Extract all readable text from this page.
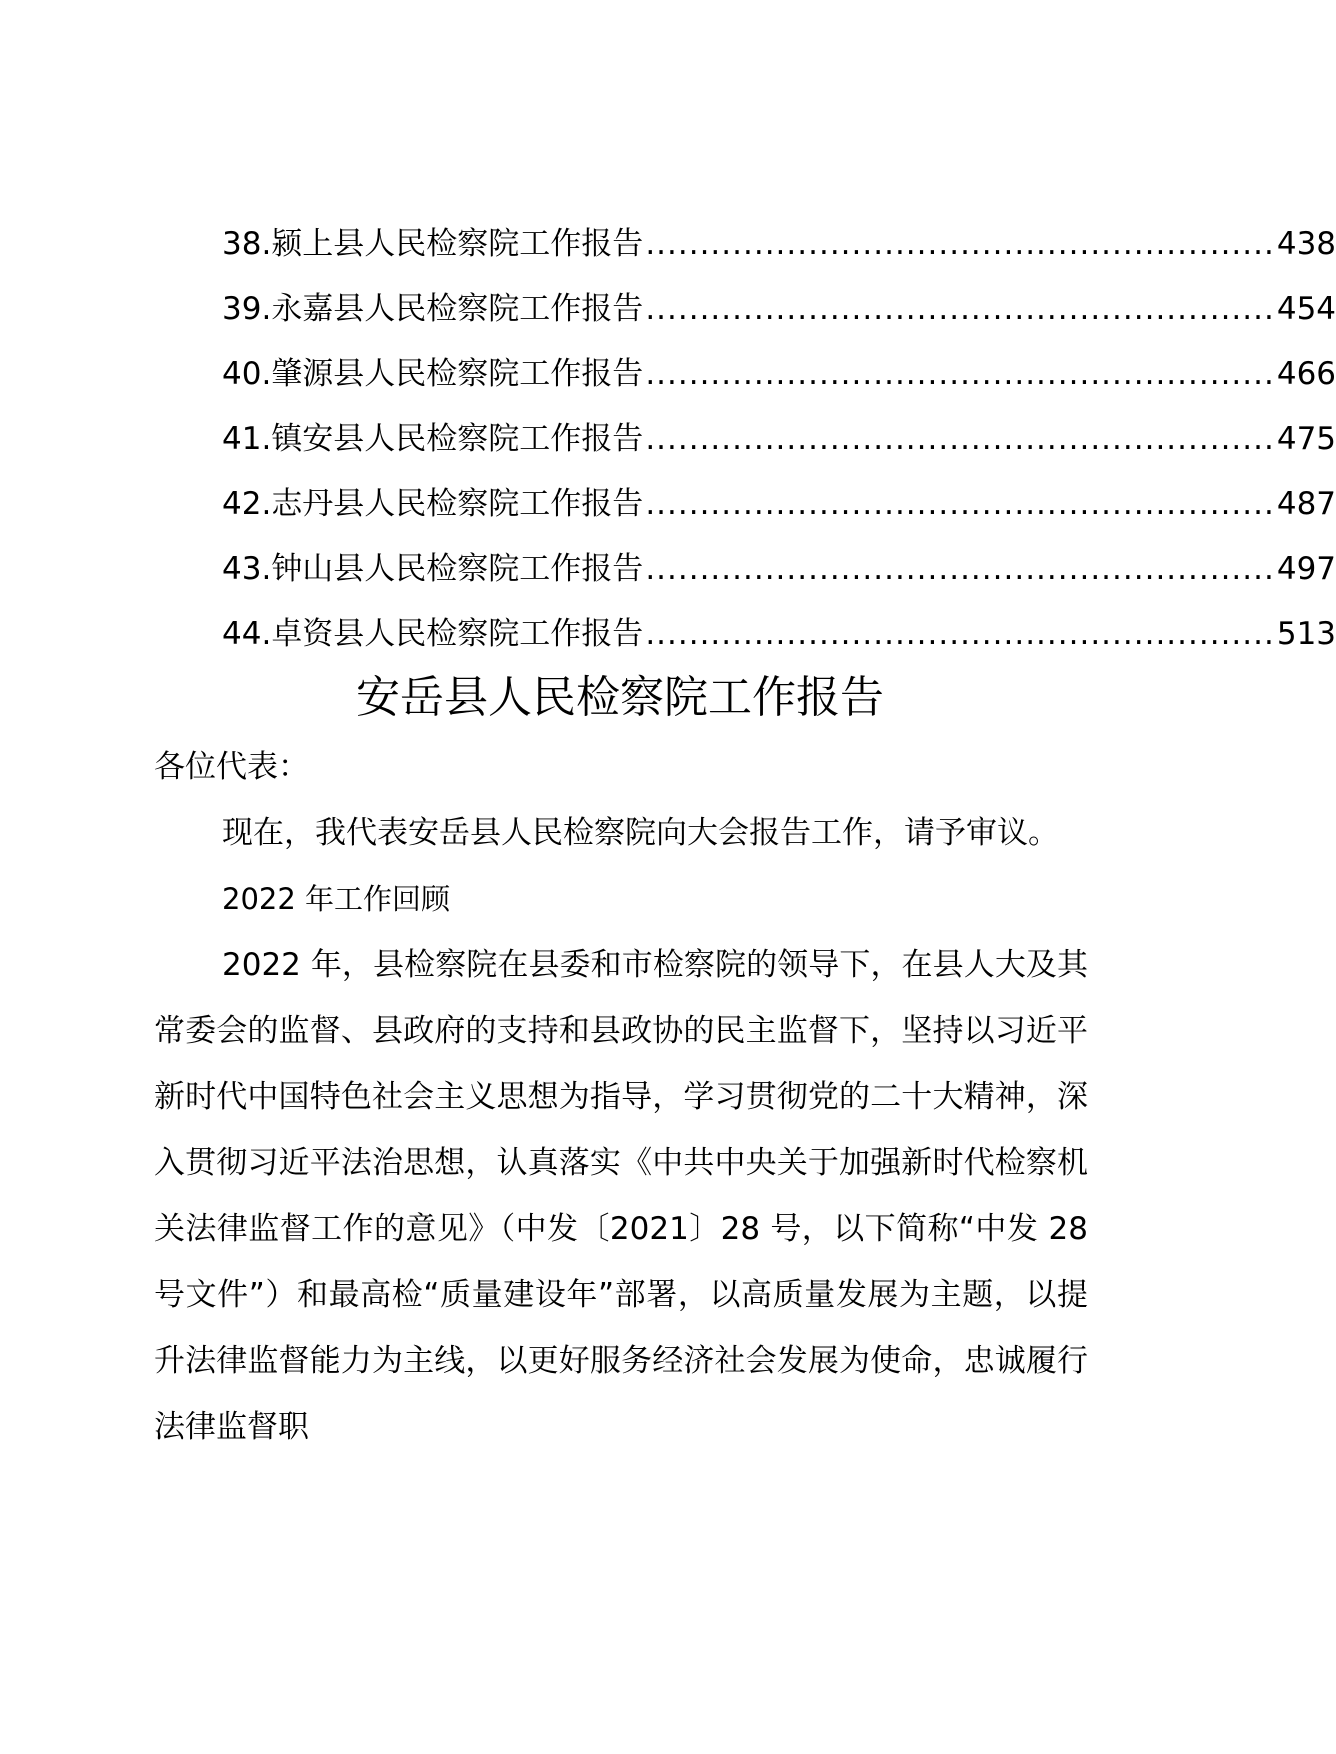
38. 颍上县人民检察院工作报告 .......................................................... 438
39. 永嘉县人民检察院工作报告 .......................................................... 454
40. 肇源县人民检察院工作报告 .......................................................... 466
41. 镇安县人民检察院工作报告 .......................................................... 475
42. 志丹县人民检察院工作报告 .......................................................... 487
43. 钟山县人民检察院工作报告 .......................................................... 497
44. 卓资县人民检察院工作报告 .......................................................... 513
安岳县人民检察院工作报告

各位代表：

现在，我代表安岳县人民检察院向大会报告工作，请予审议。

2022 年工作回顾

2022 年，县检察院在县委和市检察院的领导下，在县人大及其常委会的监督、县政府的支持和县政协的民主监督下，坚持以习近平新时代中国特色社会主义思想为指导，学习贯彻党的二十大精神，深入贯彻习近平法治思想，认真落实《中共中央关于加强新时代检察机关法律监督工作的意见》（中发〔2021〕28 号，以下简称“中发 28 号文件”）和最高检“质量建设年”部署，以高质量发展为主题，以提升法律监督能力为主线，以更好服务经济社会发展为使命，忠诚履行法律监督职
